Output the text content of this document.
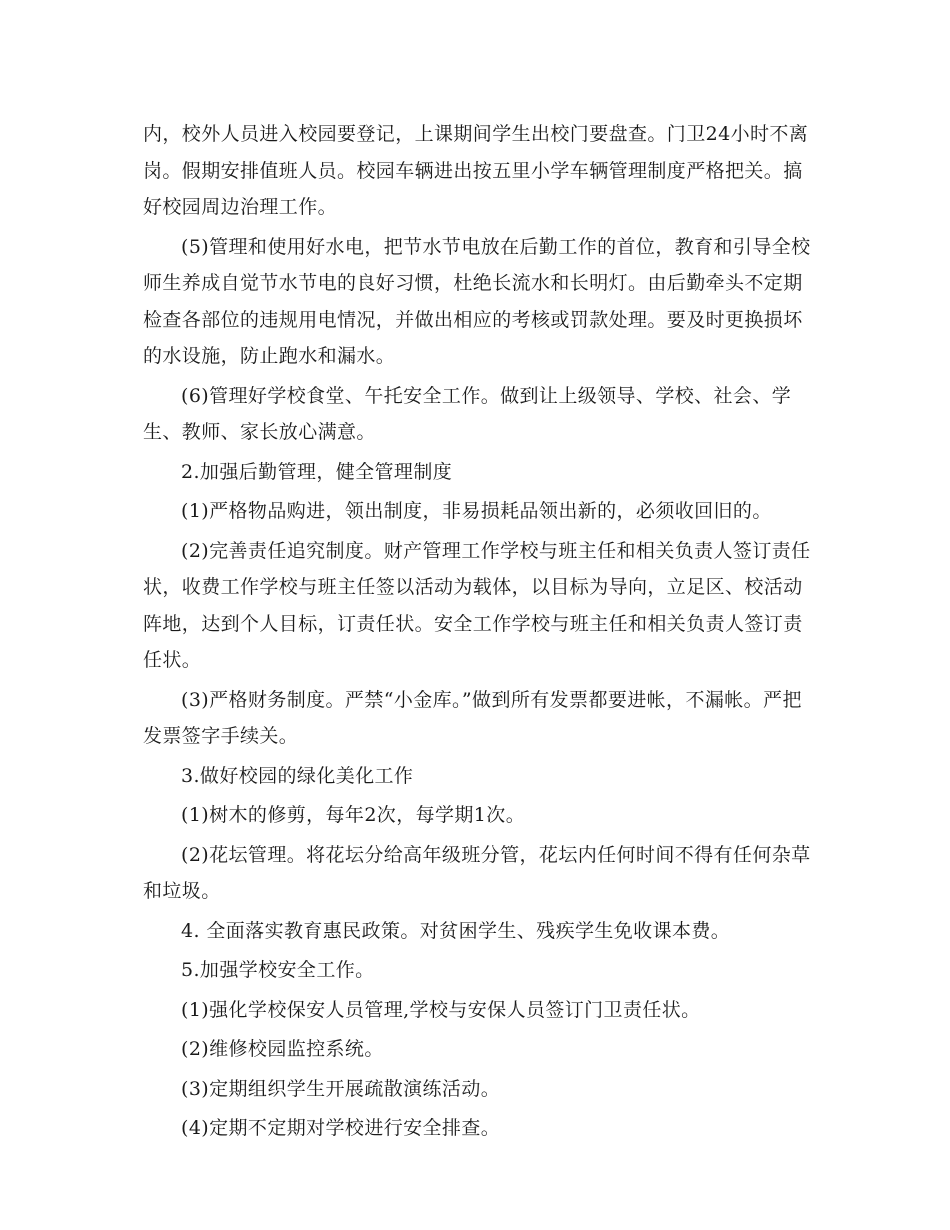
内，校外人员进入校园要登记，上课期间学生出校门要盘查。门卫24小时不离岗。假期安排值班人员。校园车辆进出按五里小学车辆管理制度严格把关。搞好校园周边治理工作。

(5)管理和使用好水电，把节水节电放在后勤工作的首位，教育和引导全校师生养成自觉节水节电的良好习惯，杜绝长流水和长明灯。由后勤牵头不定期检查各部位的违规用电情况，并做出相应的考核或罚款处理。要及时更换损坏的水设施，防止跑水和漏水。

(6)管理好学校食堂、午托安全工作。做到让上级领导、学校、社会、学生、教师、家长放心满意。

2.加强后勤管理，健全管理制度

(1)严格物品购进，领出制度，非易损耗品领出新的，必须收回旧的。

(2)完善责任追究制度。财产管理工作学校与班主任和相关负责人签订责任状，收费工作学校与班主任签以活动为载体，以目标为导向，立足区、校活动阵地，达到个人目标，订责任状。安全工作学校与班主任和相关负责人签订责任状。

(3)严格财务制度。严禁“小金库。”做到所有发票都要进帐，不漏帐。严把发票签字手续关。

3.做好校园的绿化美化工作

(1)树木的修剪，每年2次，每学期1次。

(2)花坛管理。将花坛分给高年级班分管，花坛内任何时间不得有任何杂草和垃圾。

4. 全面落实教育惠民政策。对贫困学生、残疾学生免收课本费。

5.加强学校安全工作。

(1)强化学校保安人员管理,学校与安保人员签订门卫责任状。

(2)维修校园监控系统。

(3)定期组织学生开展疏散演练活动。

(4)定期不定期对学校进行安全排查。
